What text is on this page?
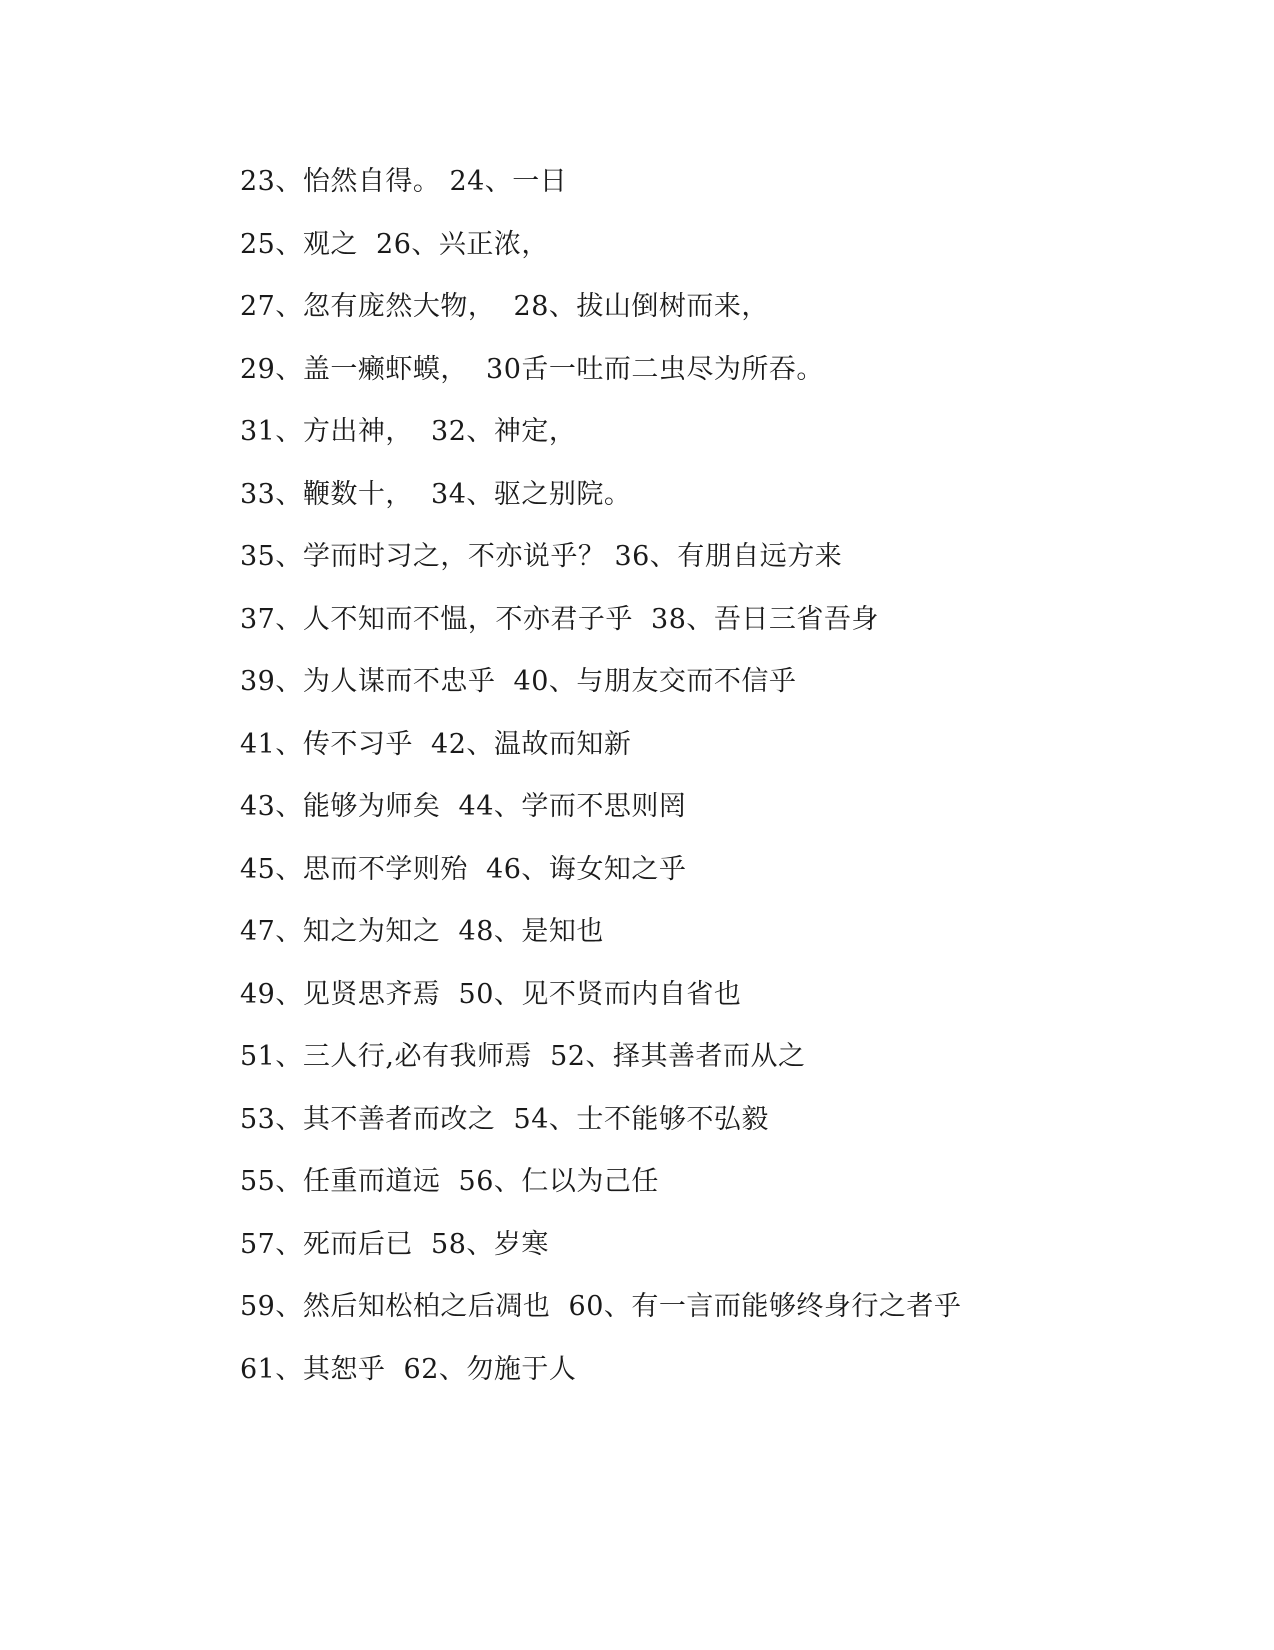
23、怡然自得。 24、一日
25、观之  26、兴正浓，
27、忽有庞然大物，  28、拔山倒树而来，
29、盖一癞虾蟆，  30舌一吐而二虫尽为所吞。
31、方出神，  32、神定，
33、鞭数十，  34、驱之别院。
35、学而时习之，不亦说乎？ 36、有朋自远方来
37、人不知而不愠，不亦君子乎  38、吾日三省吾身
39、为人谋而不忠乎  40、与朋友交而不信乎
41、传不习乎  42、温故而知新
43、能够为师矣  44、学而不思则罔
45、思而不学则殆  46、诲女知之乎
47、知之为知之  48、是知也
49、见贤思齐焉  50、见不贤而内自省也
51、三人行,必有我师焉  52、择其善者而从之
53、其不善者而改之  54、士不能够不弘毅
55、任重而道远  56、仁以为己任
57、死而后已  58、岁寒
59、然后知松柏之后凋也  60、有一言而能够终身行之者乎
61、其恕乎  62、勿施于人
